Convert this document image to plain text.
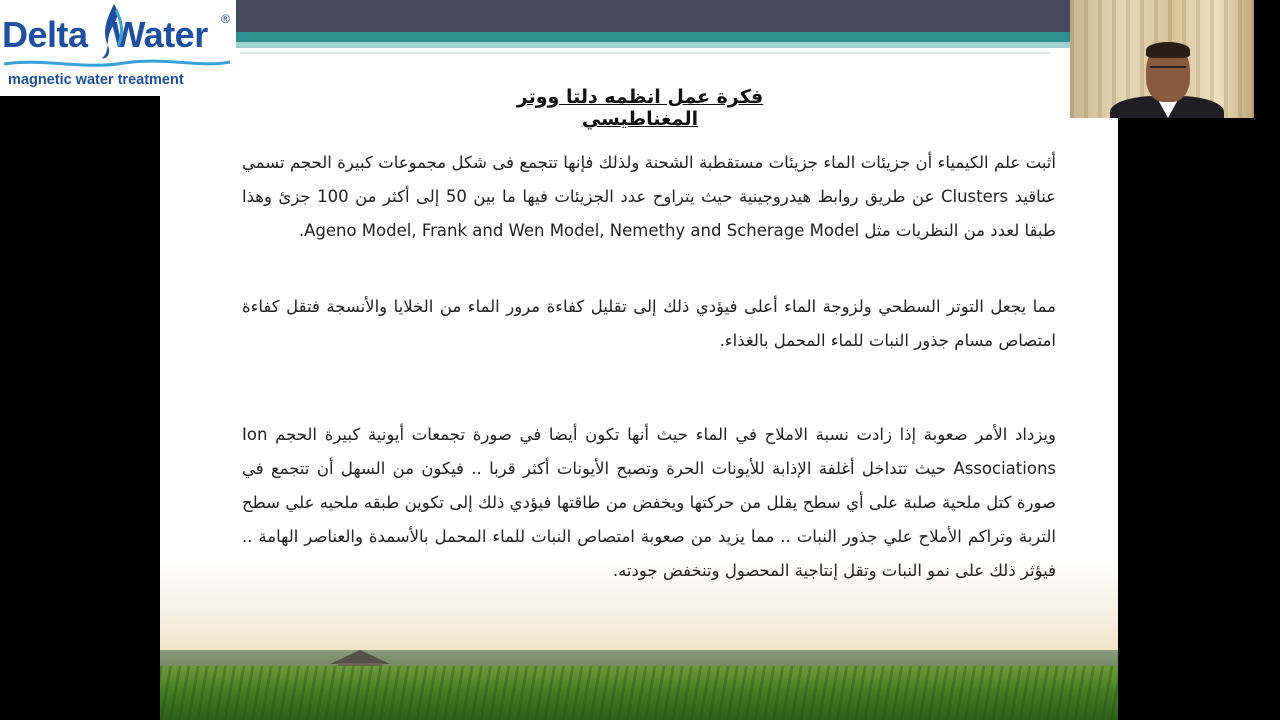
فكرة عمل انظمه دلتا ووتر المغناطيسي

أثبت علم الكيمياء أن جزيئات الماء جزيئات مستقطبة الشحنة ولذلك فإنها تتجمع فى شكل مجموعات كبيرة الحجم تسمي عناقيد Clusters عن طريق روابط هيدروجينية حيث يتراوح عدد الجزيئات فيها ما بين 50 إلى أكثر من 100 جزئ وهذا طبقا لعدد من النظريات مثل Ageno Model, Frank and Wen Model, Nemethy and Scherage Model.

مما يجعل التوتر السطحي ولزوجة الماء أعلى فيؤدي ذلك إلى تقليل كفاءة مرور الماء من الخلايا والأنسجة فتقل كفاءة امتصاص مسام جذور النبات للماء المحمل بالغذاء.

ويزداد الأمر صعوبة إذا زادت نسبة الاملاح في الماء حيث أنها تكون أيضا في صورة تجمعات أيونية كبيرة الحجم Ion Associations حيث تتداخل أغلفة الإذابة للأيونات الحرة وتصبح الأيونات أكثر قربا .. فيكون من السهل أن تتجمع في صورة كتل ملحية صلبة على أي سطح يقلل من حركتها ويخفض من طاقتها فيؤدي ذلك إلى تكوين طبقه ملحيه علي سطح التربة وتراكم الأملاح علي جذور النبات .. مما يزيد من صعوبة امتصاص النبات للماء المحمل بالأسمدة والعناصر الهامة .. فيؤثر ذلك على نمو النبات وتقل إنتاجية المحصول وتنخفض جودته.

Delta Water ®
magnetic water treatment
